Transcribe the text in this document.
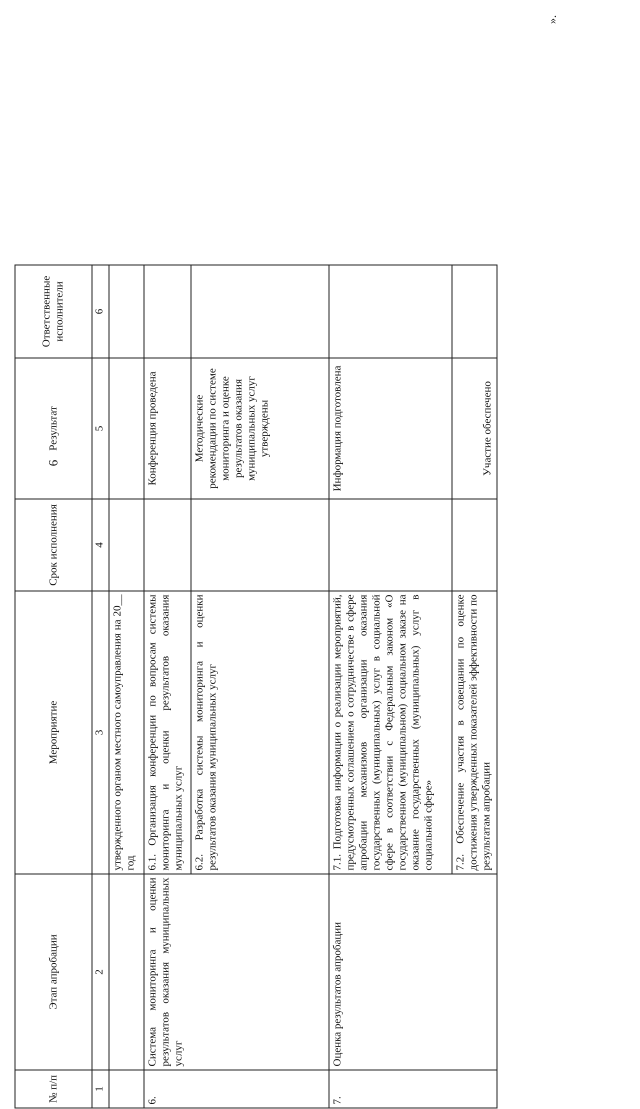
6
».
№ п/п	Этап апробации	Мероприятие	Срок исполнения	Результат	Ответственные исполнители
1	2	3	4	5	6
		утвержденного органом местного самоуправления на 20__ год			
6.	Система мониторинга и оценки результатов оказания муниципальных услуг	6.1. Организация конференции по вопросам системы мониторинга и оценки результатов оказания муниципальных услуг		Конференция проведена	
		6.2. Разработка системы мониторинга и оценки результатов оказания муниципальных услуг		Методические рекомендации по системе мониторинга и оценке результатов оказания муниципальных услуг утверждены	
7.	Оценка результатов апробации	7.1. Подготовка информации о реализации мероприятий, предусмотренных соглашением о сотрудничестве в сфере апробации механизмов организации оказания государственных (муниципальных) услуг в социальной сфере в соответствии с Федеральным законом «О государственном (муниципальном) социальном заказе на оказание государственных (муниципальных) услуг в социальной сфере»		Информация подготовлена	
		7.2. Обеспечение участия в совещании по оценке достижения утвержденных показателей эффективности по результатам апробации		Участие обеспечено	
